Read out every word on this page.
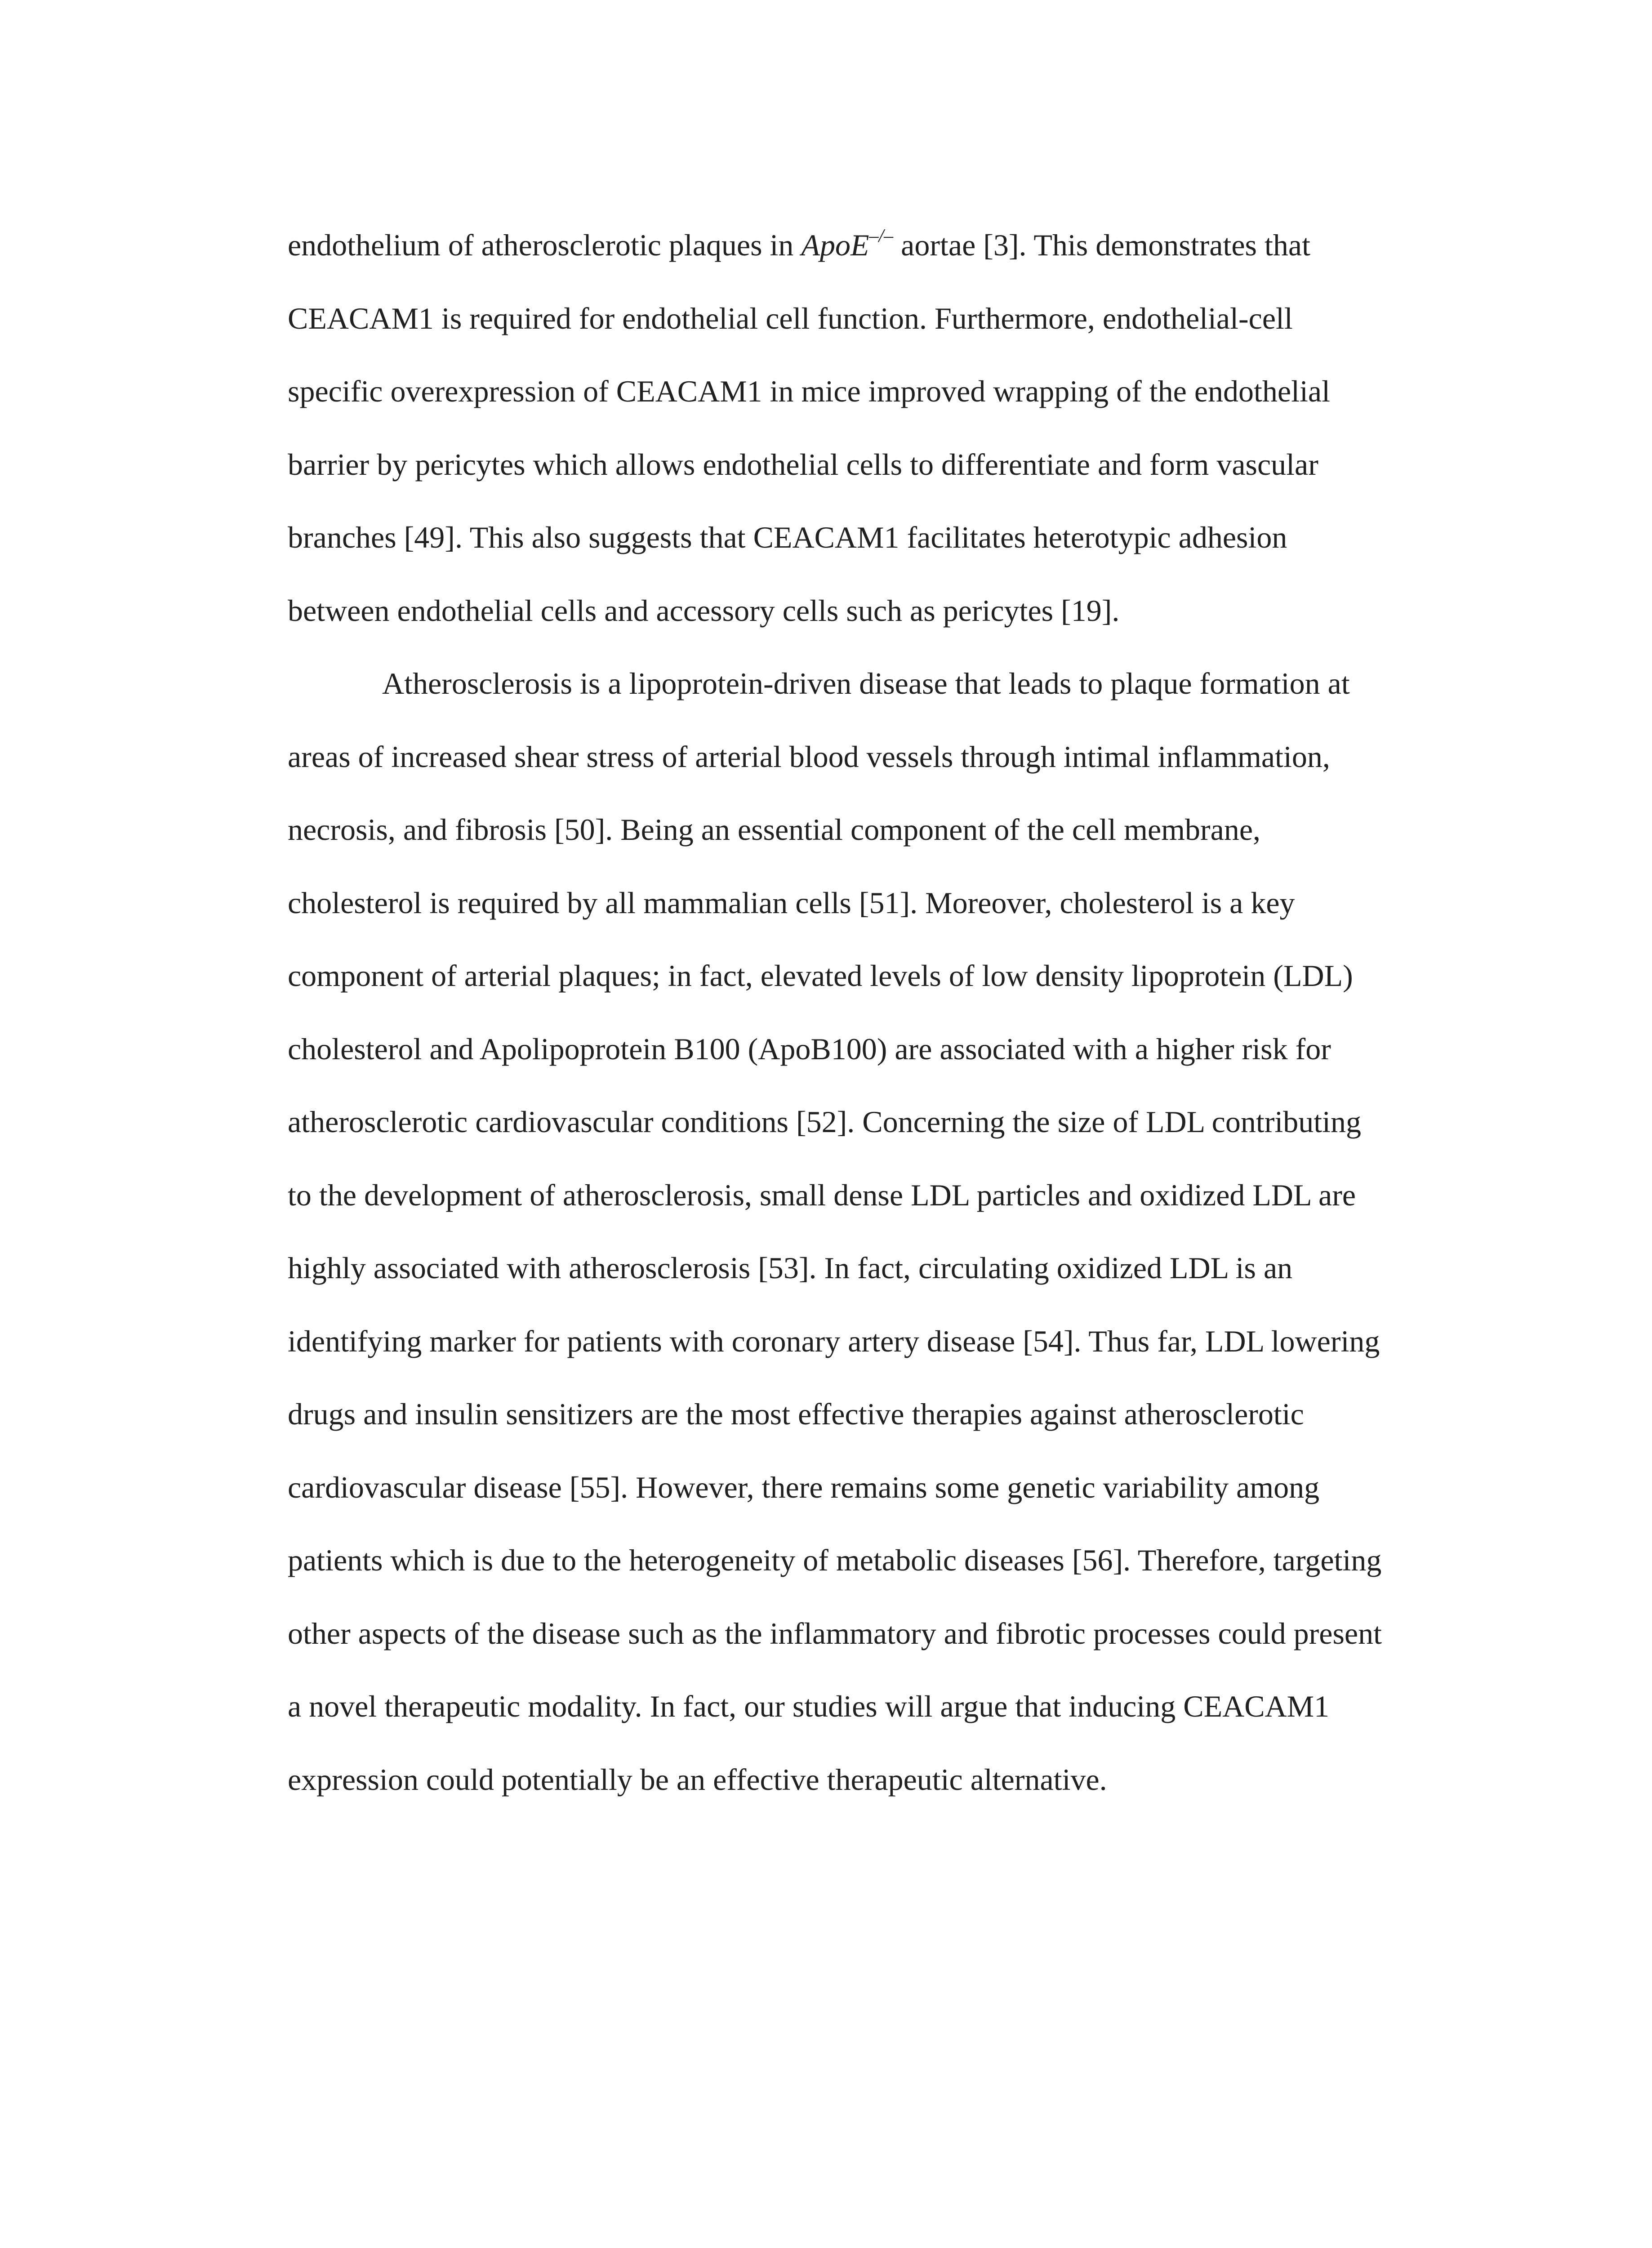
endothelium of atherosclerotic plaques in ApoE–/– aortae [3]. This demonstrates that
CEACAM1 is required for endothelial cell function. Furthermore, endothelial-cell
specific overexpression of CEACAM1 in mice improved wrapping of the endothelial
barrier by pericytes which allows endothelial cells to differentiate and form vascular
branches [49]. This also suggests that CEACAM1 facilitates heterotypic adhesion
between endothelial cells and accessory cells such as pericytes [19].
Atherosclerosis is a lipoprotein-driven disease that leads to plaque formation at
areas of increased shear stress of arterial blood vessels through intimal inflammation,
necrosis, and fibrosis [50]. Being an essential component of the cell membrane,
cholesterol is required by all mammalian cells [51]. Moreover, cholesterol is a key
component of arterial plaques; in fact, elevated levels of low density lipoprotein (LDL)
cholesterol and Apolipoprotein B100 (ApoB100) are associated with a higher risk for
atherosclerotic cardiovascular conditions [52]. Concerning the size of LDL contributing
to the development of atherosclerosis, small dense LDL particles and oxidized LDL are
highly associated with atherosclerosis [53]. In fact, circulating oxidized LDL is an
identifying marker for patients with coronary artery disease [54]. Thus far, LDL lowering
drugs and insulin sensitizers are the most effective therapies against atherosclerotic
cardiovascular disease [55]. However, there remains some genetic variability among
patients which is due to the heterogeneity of metabolic diseases [56]. Therefore, targeting
other aspects of the disease such as the inflammatory and fibrotic processes could present
a novel therapeutic modality. In fact, our studies will argue that inducing CEACAM1
expression could potentially be an effective therapeutic alternative.
